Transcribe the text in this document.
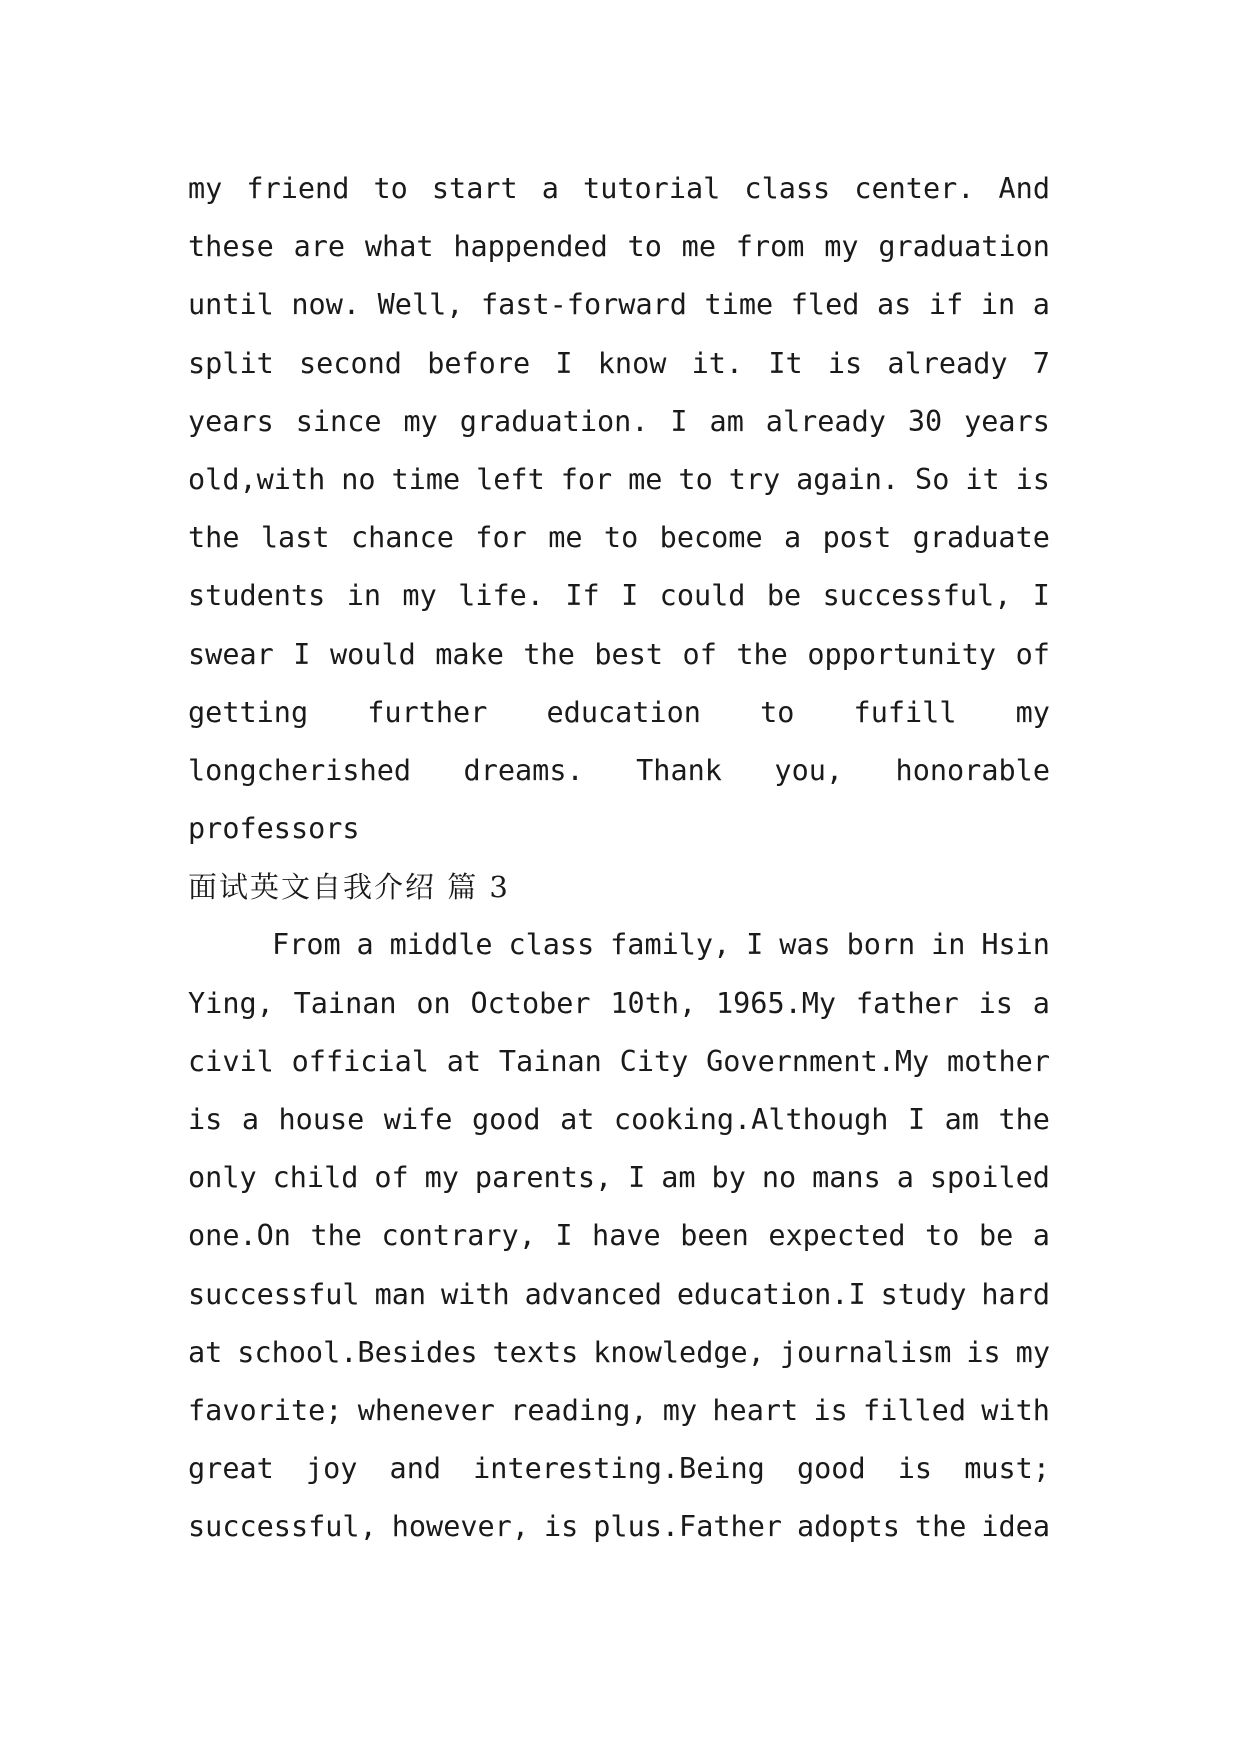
my friend to start a tutorial class center. And
these are what happended to me from my graduation
until now. Well, fast-forward time fled as if in a
split second before I know it. It is already 7
years since my graduation. I am already 30 years
old,with no time left for me to try again. So it is
the last chance for me to become a post graduate
students in my life. If I could be successful, I
swear I would make the best of the opportunity of
getting further education to fufill my
longcherished dreams. Thank you, honorable
professors
面试英文自我介绍 篇 3
From a middle class family, I was born in Hsin
Ying, Tainan on October 10th, 1965.My father is a
civil official at Tainan City Government.My mother
is a house wife good at cooking.Although I am the
only child of my parents, I am by no mans a spoiled
one.On the contrary, I have been expected to be a
successful man with advanced education.I study hard
at school.Besides texts knowledge, journalism is my
favorite; whenever reading, my heart is filled with
great joy and interesting.Being good is must;
successful, however, is plus.Father adopts the idea
